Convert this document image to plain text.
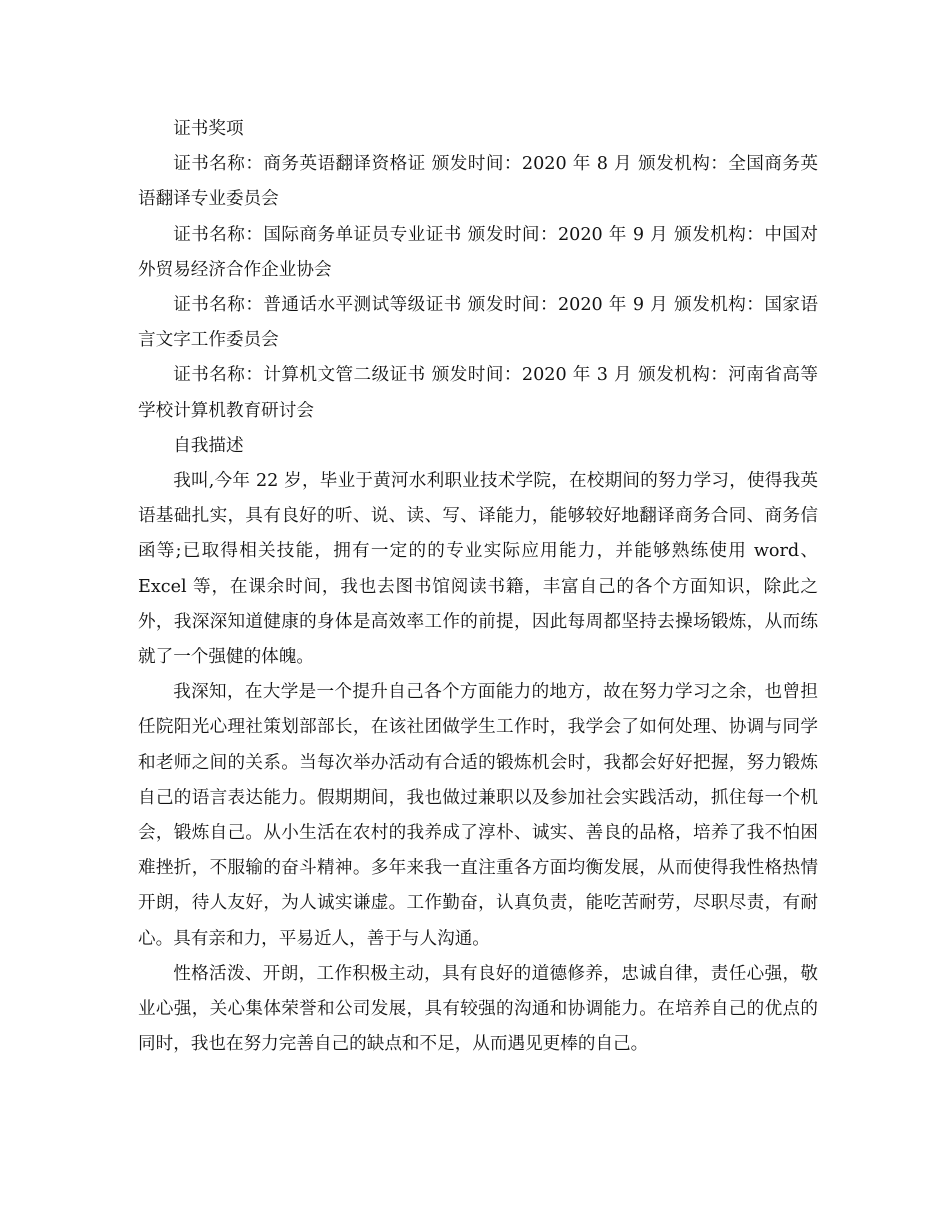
证书奖项

证书名称：商务英语翻译资格证 颁发时间：2020 年 8 月 颁发机构：全国商务英语翻译专业委员会

证书名称：国际商务单证员专业证书 颁发时间：2020 年 9 月 颁发机构：中国对外贸易经济合作企业协会

证书名称：普通话水平测试等级证书 颁发时间：2020 年 9 月 颁发机构：国家语言文字工作委员会

证书名称：计算机文管二级证书 颁发时间：2020 年 3 月 颁发机构：河南省高等学校计算机教育研讨会

自我描述

我叫,今年 22 岁，毕业于黄河水利职业技术学院，在校期间的努力学习，使得我英语基础扎实，具有良好的听、说、读、写、译能力，能够较好地翻译商务合同、商务信函等;已取得相关技能，拥有一定的的专业实际应用能力，并能够熟练使用 word、Excel 等，在课余时间，我也去图书馆阅读书籍，丰富自己的各个方面知识，除此之外，我深深知道健康的身体是高效率工作的前提，因此每周都坚持去操场锻炼，从而练就了一个强健的体魄。

我深知，在大学是一个提升自己各个方面能力的地方，故在努力学习之余，也曾担任院阳光心理社策划部部长，在该社团做学生工作时，我学会了如何处理、协调与同学和老师之间的关系。当每次举办活动有合适的锻炼机会时，我都会好好把握，努力锻炼自己的语言表达能力。假期期间，我也做过兼职以及参加社会实践活动，抓住每一个机会，锻炼自己。从小生活在农村的我养成了淳朴、诚实、善良的品格，培养了我不怕困难挫折，不服输的奋斗精神。多年来我一直注重各方面均衡发展，从而使得我性格热情开朗，待人友好，为人诚实谦虚。工作勤奋，认真负责，能吃苦耐劳，尽职尽责，有耐心。具有亲和力，平易近人，善于与人沟通。

性格活泼、开朗，工作积极主动，具有良好的道德修养，忠诚自律，责任心强，敬业心强，关心集体荣誉和公司发展，具有较强的沟通和协调能力。在培养自己的优点的同时，我也在努力完善自己的缺点和不足，从而遇见更棒的自己。
